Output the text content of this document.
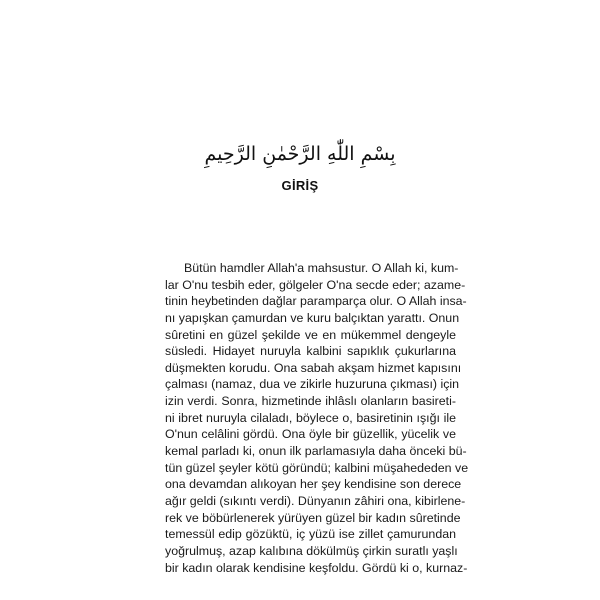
بِسْمِ اللّٰهِ الرَّحْمٰنِ الرَّحِيمِ
GİRİŞ
Bütün hamdler Allah'a mahsustur. O Allah ki, kum-
lar O'nu tesbih eder, gölgeler O'na secde eder; azame-
tinin heybetinden dağlar paramparça olur. O Allah insa-
nı yapışkan çamurdan ve kuru balçıktan yarattı. Onun
sûretini en güzel şekilde ve en mükemmel dengeyle
süsledi. Hidayet nuruyla kalbini sapıklık çukurlarına
düşmekten korudu. Ona sabah akşam hizmet kapısını
çalması (namaz, dua ve zikirle huzuruna çıkması) için
izin verdi. Sonra, hizmetinde ihlâslı olanların basireti-
ni ibret nuruyla cilaladı, böylece o, basiretinin ışığı ile
O'nun celâlini gördü. Ona öyle bir güzellik, yücelik ve
kemal parladı ki, onun ilk parlamasıyla daha önceki bü-
tün güzel şeyler kötü göründü; kalbini müşahededen ve
ona devamdan alıkoyan her şey kendisine son derece
ağır geldi (sıkıntı verdi). Dünyanın zâhiri ona, kibirlene-
rek ve böbürlenerek yürüyen güzel bir kadın sûretinde
temessül edip gözüktü, iç yüzü ise zillet çamurundan
yoğrulmuş, azap kalıbına dökülmüş çirkin suratlı yaşlı
bir kadın olarak kendisine keşfoldu. Gördü ki o, kurnaz-
